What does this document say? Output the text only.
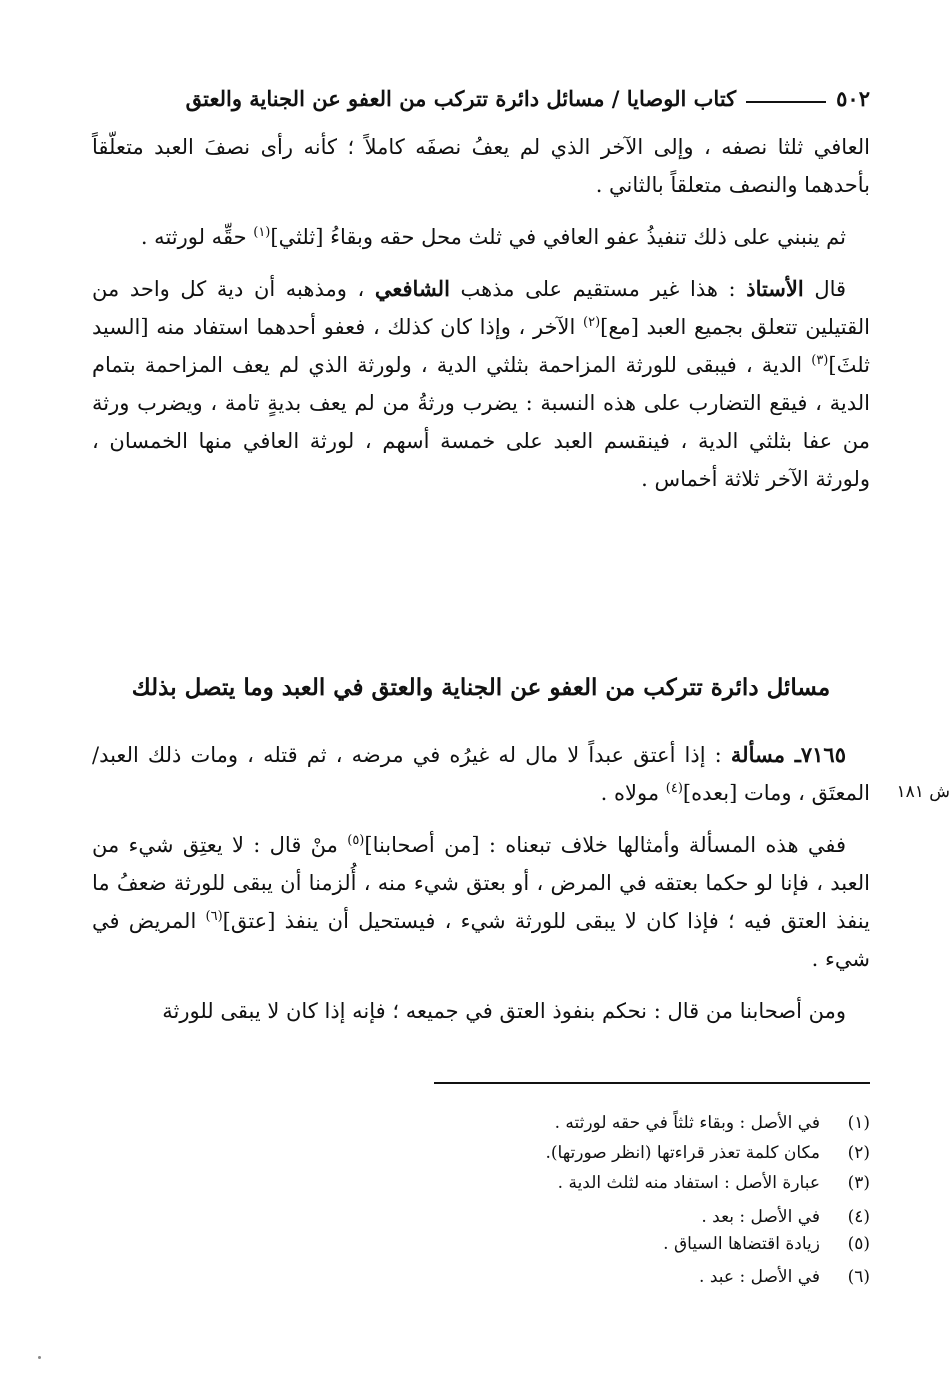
٥٠٢
كتاب الوصايا / مسائل دائرة تتركب من العفو عن الجناية والعتق

العافي ثلثا نصفه ، وإلى الآخر الذي لم يعفُ نصفَه كاملاً ؛ كأنه رأى نصفَ العبد متعلّقاً بأحدهما والنصف متعلقاً بالثاني .

ثم ينبني على ذلك تنفيذُ عفو العافي في ثلث محل حقه وبقاءُ [ثلثي]$^{(١)}$ حقِّه لورثته .

قال الأستاذ : هذا غير مستقيم على مذهب الشافعي ، ومذهبه أن دية كل واحد من القتيلين تتعلق بجميع العبد [مع]$^{(٢)}$ الآخر ، وإذا كان كذلك ، فعفو أحدهما استفاد منه [السيد ثلثَ]$^{(٣)}$ الدية ، فيبقى للورثة المزاحمة بثلثي الدية ، ولورثة الذي لم يعف المزاحمة بتمام الدية ، فيقع التضارب على هذه النسبة : يضرب ورثةُ من لم يعف بديةٍ تامة ، ويضرب ورثة من عفا بثلثي الدية ، فينقسم العبد على خمسة أسهم ، لورثة العافي منها الخمسان ، ولورثة الآخر ثلاثة أخماس .

مسائل دائرة تتركب من العفو عن الجناية والعتق في العبد وما يتصل بذلك
ش ١٨١

٧١٦٥ـ مسألة : إذا أعتق عبداً لا مال له غيرُه في مرضه ، ثم قتله ، ومات ذلك العبد/ المعتَق ، ومات [بعده]$^{(٤)}$ مولاه .

ففي هذه المسألة وأمثالها خلاف تبعناه : [من أصحابنا]$^{(٥)}$ منْ قال : لا يعتِق شيء من العبد ، فإنا لو حكما بعتقه في المرض ، أو بعتق شيء منه ، أُلزمنا أن يبقى للورثة ضعفُ ما ينفذ العتق فيه ؛ فإذا كان لا يبقى للورثة شيء ، فيستحيل أن ينفذ [عتق]$^{(٦)}$ المريض في شيء .

ومن أصحابنا من قال : نحكم بنفوذ العتق في جميعه ؛ فإنه إذا كان لا يبقى للورثة

(١)
في الأصل : وبقاء ثلثاً في حقه لورثته .
(٢)
مكان كلمة تعذر قراءتها (انظر صورتها).
(٣)
عبارة الأصل : استفاد منه لثلث الدية .
(٤)
في الأصل : بعد .
(٥)
زيادة اقتضاها السياق .
(٦)
في الأصل : عبد .
